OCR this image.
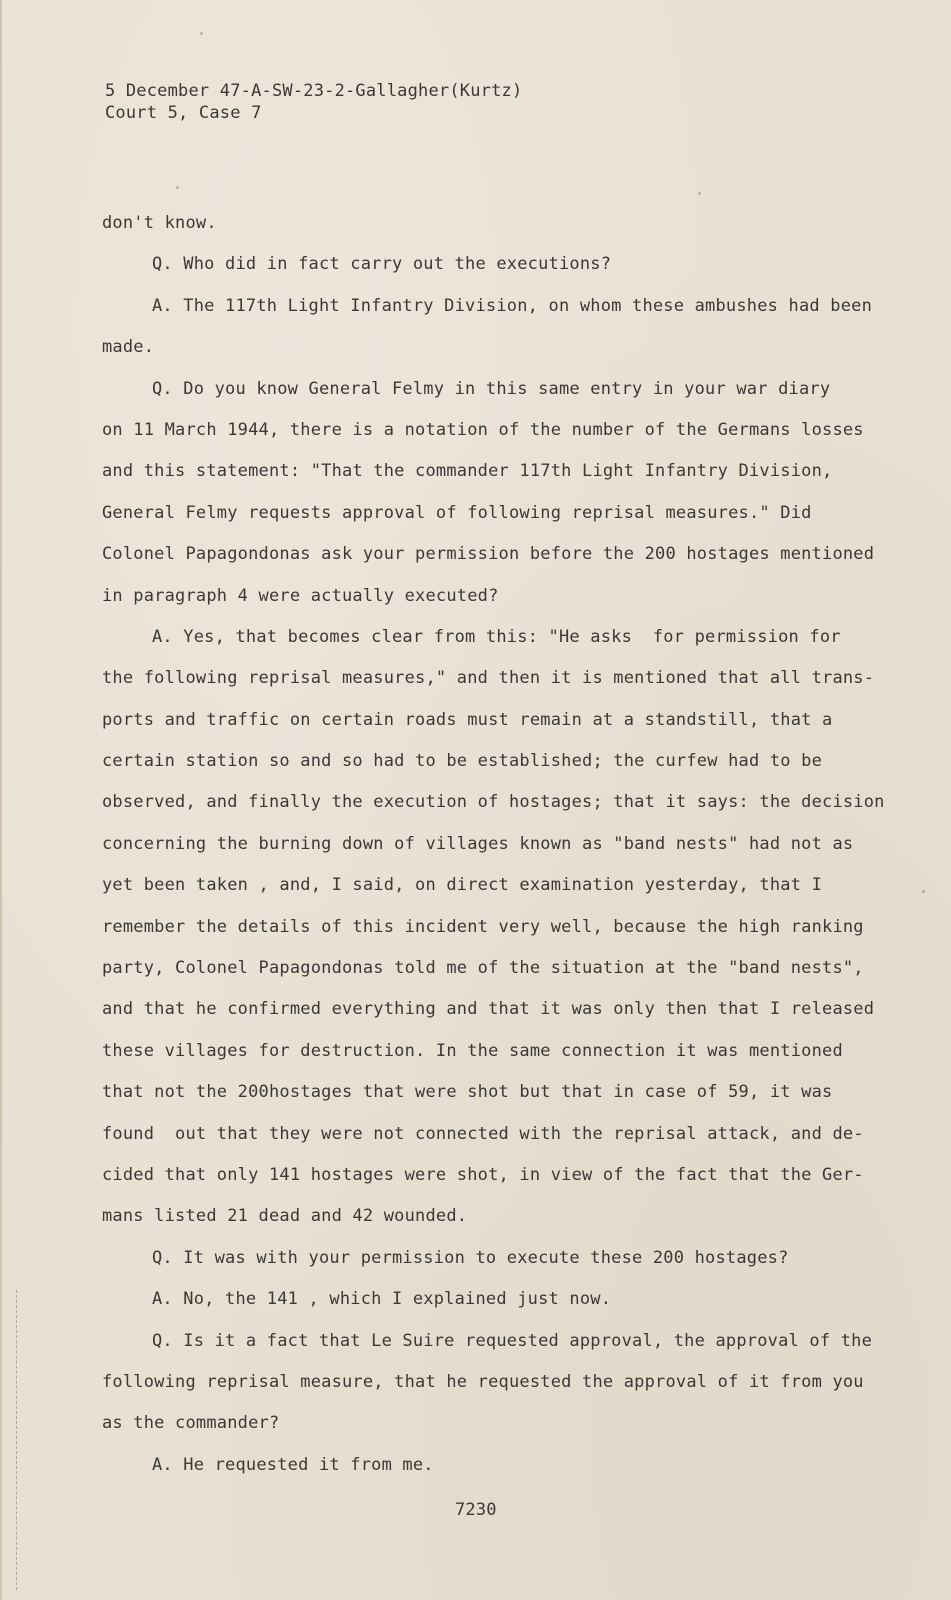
5 December 47-A-SW-23-2-Gallagher(Kurtz)
Court 5, Case 7
don't know.
Q. Who did in fact carry out the executions?
A. The 117th Light Infantry Division, on whom these ambushes had been
made.
Q. Do you know General Felmy in this same entry in your war diary
on 11 March 1944, there is a notation of the number of the Germans losses
and this statement: "That the commander 117th Light Infantry Division,
General Felmy requests approval of following reprisal measures." Did
Colonel Papagondonas ask your permission before the 200 hostages mentioned
in paragraph 4 were actually executed?
A. Yes, that becomes clear from this: "He asks  for permission for
the following reprisal measures," and then it is mentioned that all trans-
ports and traffic on certain roads must remain at a standstill, that a
certain station so and so had to be established; the curfew had to be
observed, and finally the execution of hostages; that it says: the decision
concerning the burning down of villages known as "band nests" had not as
yet been taken , and, I said, on direct examination yesterday, that I
remember the details of this incident very well, because the high ranking
party, Colonel Papagondonas told me of the situation at the "band nests",
and that he confirmed everything and that it was only then that I released
these villages for destruction. In the same connection it was mentioned
that not the 200hostages that were shot but that in case of 59, it was
found  out that they were not connected with the reprisal attack, and de-
cided that only 141 hostages were shot, in view of the fact that the Ger-
mans listed 21 dead and 42 wounded.
Q. It was with your permission to execute these 200 hostages?
A. No, the 141 , which I explained just now.
Q. Is it a fact that Le Suire requested approval, the approval of the
following reprisal measure, that he requested the approval of it from you
as the commander?
A. He requested it from me.
7230
